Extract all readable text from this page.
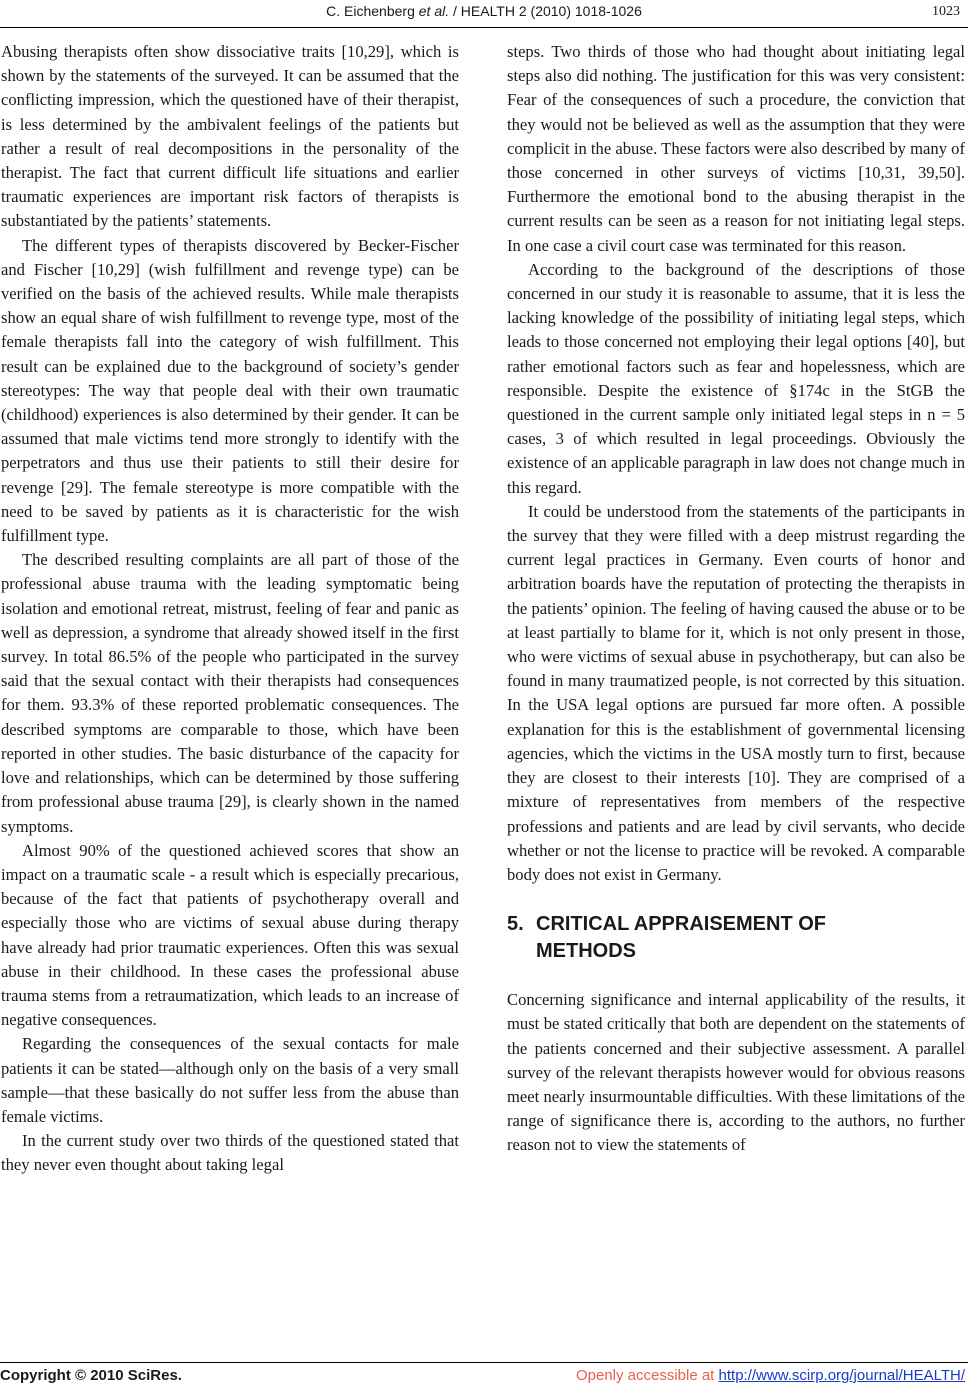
C. Eichenberg et al. / HEALTH 2 (2010) 1018-1026	1023

Abusing therapists often show dissociative traits [10,29], which is shown by the statements of the surveyed. It can be assumed that the conflicting impression, which the questioned have of their therapist, is less determined by the ambivalent feelings of the patients but rather a result of real decompositions in the personality of the therapist. The fact that current difficult life situations and earlier traumatic experiences are important risk factors of therapists is substantiated by the patients’ statements.

The different types of therapists discovered by Becker-Fischer and Fischer [10,29] (wish fulfillment and revenge type) can be verified on the basis of the achieved results. While male therapists show an equal share of wish fulfillment to revenge type, most of the female therapists fall into the category of wish fulfillment. This result can be explained due to the background of society’s gender stereotypes: The way that people deal with their own traumatic (childhood) experiences is also determined by their gender. It can be assumed that male victims tend more strongly to identify with the perpetrators and thus use their patients to still their desire for revenge [29]. The female stereotype is more compatible with the need to be saved by patients as it is characteristic for the wish fulfillment type.

The described resulting complaints are all part of those of the professional abuse trauma with the leading symptomatic being isolation and emotional retreat, mistrust, feeling of fear and panic as well as depression, a syndrome that already showed itself in the first survey. In total 86.5% of the people who participated in the survey said that the sexual contact with their therapists had consequences for them. 93.3% of these reported problematic consequences. The described symptoms are comparable to those, which have been reported in other studies. The basic disturbance of the capacity for love and relationships, which can be determined by those suffering from professional abuse trauma [29], is clearly shown in the named symptoms.

Almost 90% of the questioned achieved scores that show an impact on a traumatic scale - a result which is especially precarious, because of the fact that patients of psychotherapy overall and especially those who are victims of sexual abuse during therapy have already had prior traumatic experiences. Often this was sexual abuse in their childhood. In these cases the professional abuse trauma stems from a retraumatization, which leads to an increase of negative consequences.

Regarding the consequences of the sexual contacts for male patients it can be stated—although only on the basis of a very small sample—that these basically do not suffer less from the abuse than female victims.

In the current study over two thirds of the questioned stated that they never even thought about taking legal

steps. Two thirds of those who had thought about initiating legal steps also did nothing. The justification for this was very consistent: Fear of the consequences of such a procedure, the conviction that they would not be believed as well as the assumption that they were complicit in the abuse. These factors were also described by many of those concerned in other surveys of victims [10,31, 39,50]. Furthermore the emotional bond to the abusing therapist in the current results can be seen as a reason for not initiating legal steps. In one case a civil court case was terminated for this reason.

According to the background of the descriptions of those concerned in our study it is reasonable to assume, that it is less the lacking knowledge of the possibility of initiating legal steps, which leads to those concerned not employing their legal options [40], but rather emotional factors such as fear and hopelessness, which are responsible. Despite the existence of §174c in the StGB the questioned in the current sample only initiated legal steps in n = 5 cases, 3 of which resulted in legal proceedings. Obviously the existence of an applicable paragraph in law does not change much in this regard.

It could be understood from the statements of the participants in the survey that they were filled with a deep mistrust regarding the current legal practices in Germany. Even courts of honor and arbitration boards have the reputation of protecting the therapists in the patients’ opinion. The feeling of having caused the abuse or to be at least partially to blame for it, which is not only present in those, who were victims of sexual abuse in psychotherapy, but can also be found in many traumatized people, is not corrected by this situation. In the USA legal options are pursued far more often. A possible explanation for this is the establishment of governmental licensing agencies, which the victims in the USA mostly turn to first, because they are closest to their interests [10]. They are comprised of a mixture of representatives from members of the respective professions and patients and are lead by civil servants, who decide whether or not the license to practice will be revoked. A comparable body does not exist in Germany.

5. CRITICAL APPRAISEMENT OF
METHODS

Concerning significance and internal applicability of the results, it must be stated critically that both are dependent on the statements of the patients concerned and their subjective assessment. A parallel survey of the relevant therapists however would for obvious reasons meet nearly insurmountable difficulties. With these limitations of the range of significance there is, according to the authors, no further reason not to view the statements of

Copyright © 2010 SciRes.	Openly accessible at http://www.scirp.org/journal/HEALTH/
